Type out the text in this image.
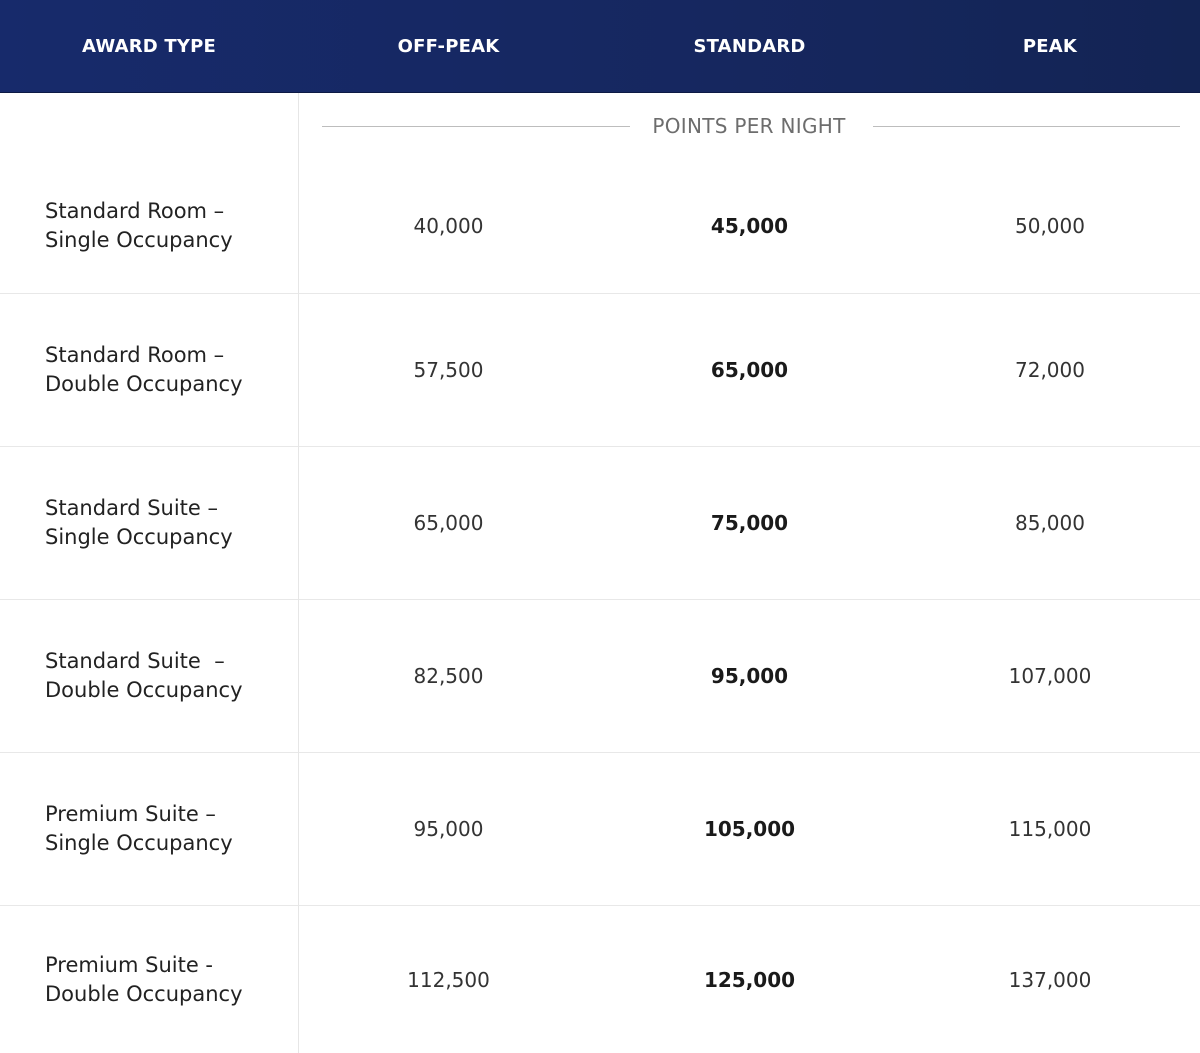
AWARD TYPE	OFF-PEAK	STANDARD	PEAK
POINTS PER NIGHT
Standard Room –
Single Occupancy
40,000	45,000	50,000
Standard Room –
Double Occupancy
57,500	65,000	72,000
Standard Suite –
Single Occupancy
65,000	75,000	85,000
Standard Suite  –
Double Occupancy
82,500	95,000	107,000
Premium Suite –
Single Occupancy
95,000	105,000	115,000
Premium Suite -
Double Occupancy
112,500	125,000	137,000
